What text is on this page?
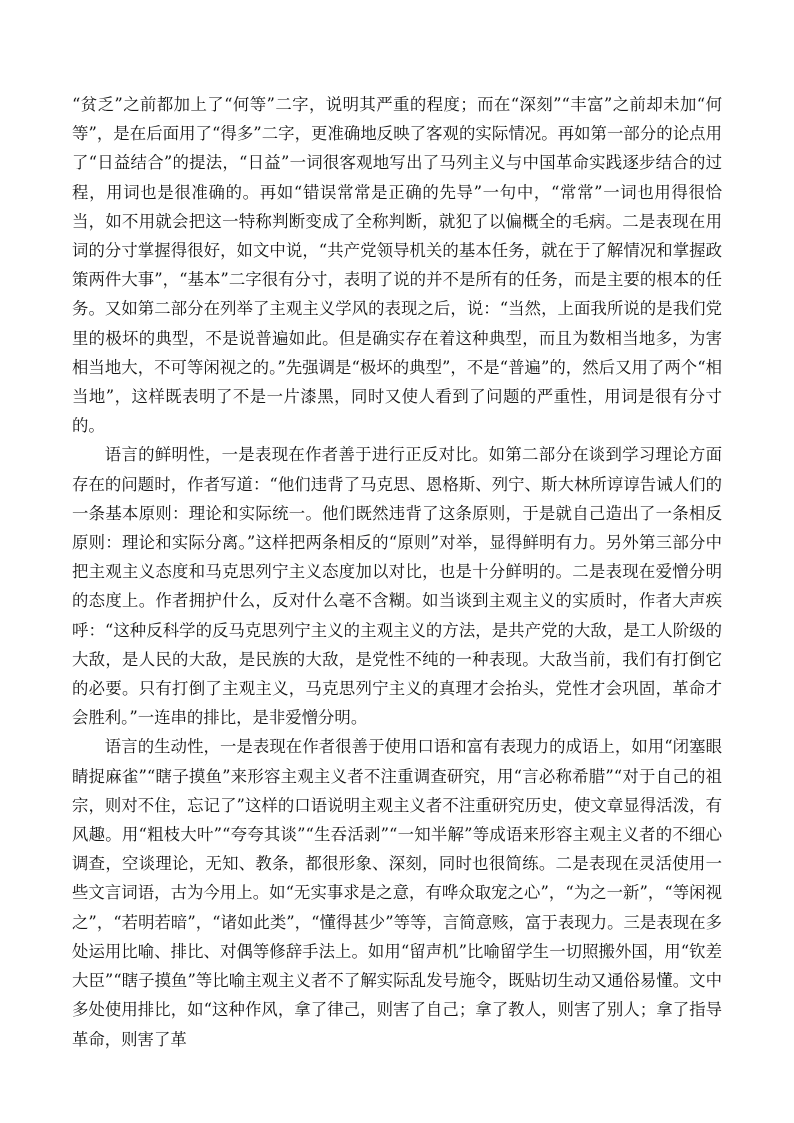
“贫乏”之前都加上了“何等”二字，说明其严重的程度；而在“深刻”“丰富”之前却未加“何等”，是在后面用了“得多”二字，更准确地反映了客观的实际情况。再如第一部分的论点用了“日益结合”的提法，“日益”一词很客观地写出了马列主义与中国革命实践逐步结合的过程，用词也是很准确的。再如“错误常常是正确的先导”一句中，“常常”一词也用得很恰当，如不用就会把这一特称判断变成了全称判断，就犯了以偏概全的毛病。二是表现在用词的分寸掌握得很好，如文中说，“共产党领导机关的基本任务，就在于了解情况和掌握政策两件大事”，“基本”二字很有分寸，表明了说的并不是所有的任务，而是主要的根本的任务。又如第二部分在列举了主观主义学风的表现之后，说：“当然，上面我所说的是我们党里的极坏的典型，不是说普遍如此。但是确实存在着这种典型，而且为数相当地多，为害相当地大，不可等闲视之的。”先强调是“极坏的典型”，不是“普遍”的，然后又用了两个“相当地”，这样既表明了不是一片漆黑，同时又使人看到了问题的严重性，用词是很有分寸的。

语言的鲜明性，一是表现在作者善于进行正反对比。如第二部分在谈到学习理论方面存在的问题时，作者写道：“他们违背了马克思、恩格斯、列宁、斯大林所谆谆告诫人们的一条基本原则：理论和实际统一。他们既然违背了这条原则，于是就自己造出了一条相反原则：理论和实际分离。”这样把两条相反的“原则”对举，显得鲜明有力。另外第三部分中把主观主义态度和马克思列宁主义态度加以对比，也是十分鲜明的。二是表现在爱憎分明的态度上。作者拥护什么，反对什么毫不含糊。如当谈到主观主义的实质时，作者大声疾呼：“这种反科学的反马克思列宁主义的主观主义的方法，是共产党的大敌，是工人阶级的大敌，是人民的大敌，是民族的大敌，是党性不纯的一种表现。大敌当前，我们有打倒它的必要。只有打倒了主观主义，马克思列宁主义的真理才会抬头，党性才会巩固，革命才会胜利。”一连串的排比，是非爱憎分明。

语言的生动性，一是表现在作者很善于使用口语和富有表现力的成语上，如用“闭塞眼睛捉麻雀”“瞎子摸鱼”来形容主观主义者不注重调查研究，用“言必称希腊”“对于自己的祖宗，则对不住，忘记了”这样的口语说明主观主义者不注重研究历史，使文章显得活泼，有风趣。用“粗枝大叶”“夸夸其谈”“生吞活剥”“一知半解”等成语来形容主观主义者的不细心调查，空谈理论，无知、教条，都很形象、深刻，同时也很简练。二是表现在灵活使用一些文言词语，古为今用上。如“无实事求是之意，有哗众取宠之心”，“为之一新”，“等闲视之”，“若明若暗”，“诸如此类”，“懂得甚少”等等，言简意赅，富于表现力。三是表现在多处运用比喻、排比、对偶等修辞手法上。如用“留声机”比喻留学生一切照搬外国，用“钦差大臣”“瞎子摸鱼”等比喻主观主义者不了解实际乱发号施令，既贴切生动又通俗易懂。文中多处使用排比，如“这种作风，拿了律己，则害了自己；拿了教人，则害了别人；拿了指导革命，则害了革
